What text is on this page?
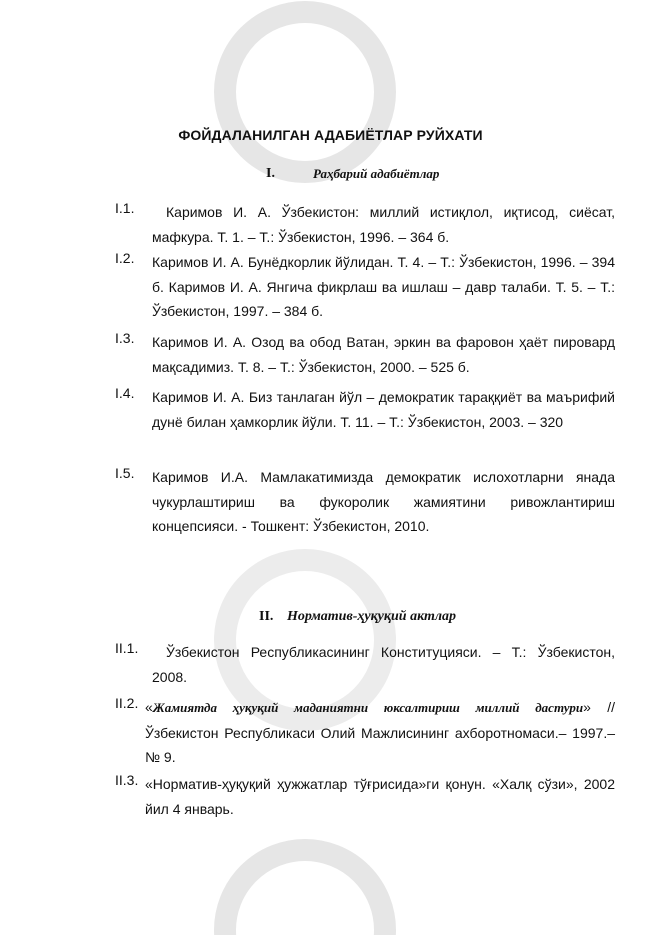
ФОЙДАЛАНИЛГАН АДАБИЁТЛАР РУЙХАТИ
I.	Раҳбарий адабиётлар
I.1.	Каримов И. А. Ўзбекистон: миллий истиқлол, иқтисод, сиёсат, мафкура. Т. 1. – Т.: Ўзбекистон, 1996. – 364 б.
I.2. Каримов И. А. Бунёдкорлик йўлидан. Т. 4. – Т.: Ўзбекистон, 1996. – 394 б. Каримов И. А. Янгича фикрлаш ва ишлаш – давр талаби. Т. 5. – Т.: Ўзбекистон, 1997. – 384 б.
I.3. Каримов И. А. Озод ва обод Ватан, эркин ва фаровон ҳаёт пировард мақсадимиз. Т. 8. – Т.: Ўзбекистон, 2000. – 525 б.
I.4. Каримов И. А. Биз танлаган йўл – демократик тараққиёт ва маърифий дунё билан ҳамкорлик йўли. Т. 11. – Т.: Ўзбекистон, 2003. – 320
I.5. Каримов И.А. Мамлакатимизда демократик ислохотларни янада чукурлаштириш ва фукоролик жамиятини ривожлантириш концепсияси. - Тошкент: Ўзбекистон, 2010.
II. Норматив-ҳуқуқий актлар
II.1.	Ўзбекистон Республикасининг Конституцияси. – Т.: Ўзбекистон, 2008.
II.2. «Жамиятда ҳуқуқий маданиятни юксалтириш миллий дастури» // Ўзбекистон Республикаси Олий Мажлисининг ахборотномаси.– 1997.–№ 9.
II.3. «Норматив-ҳуқуқий ҳужжатлар тўғрисида»ги қонун. «Халқ сўзи», 2002 йил 4 январь.
